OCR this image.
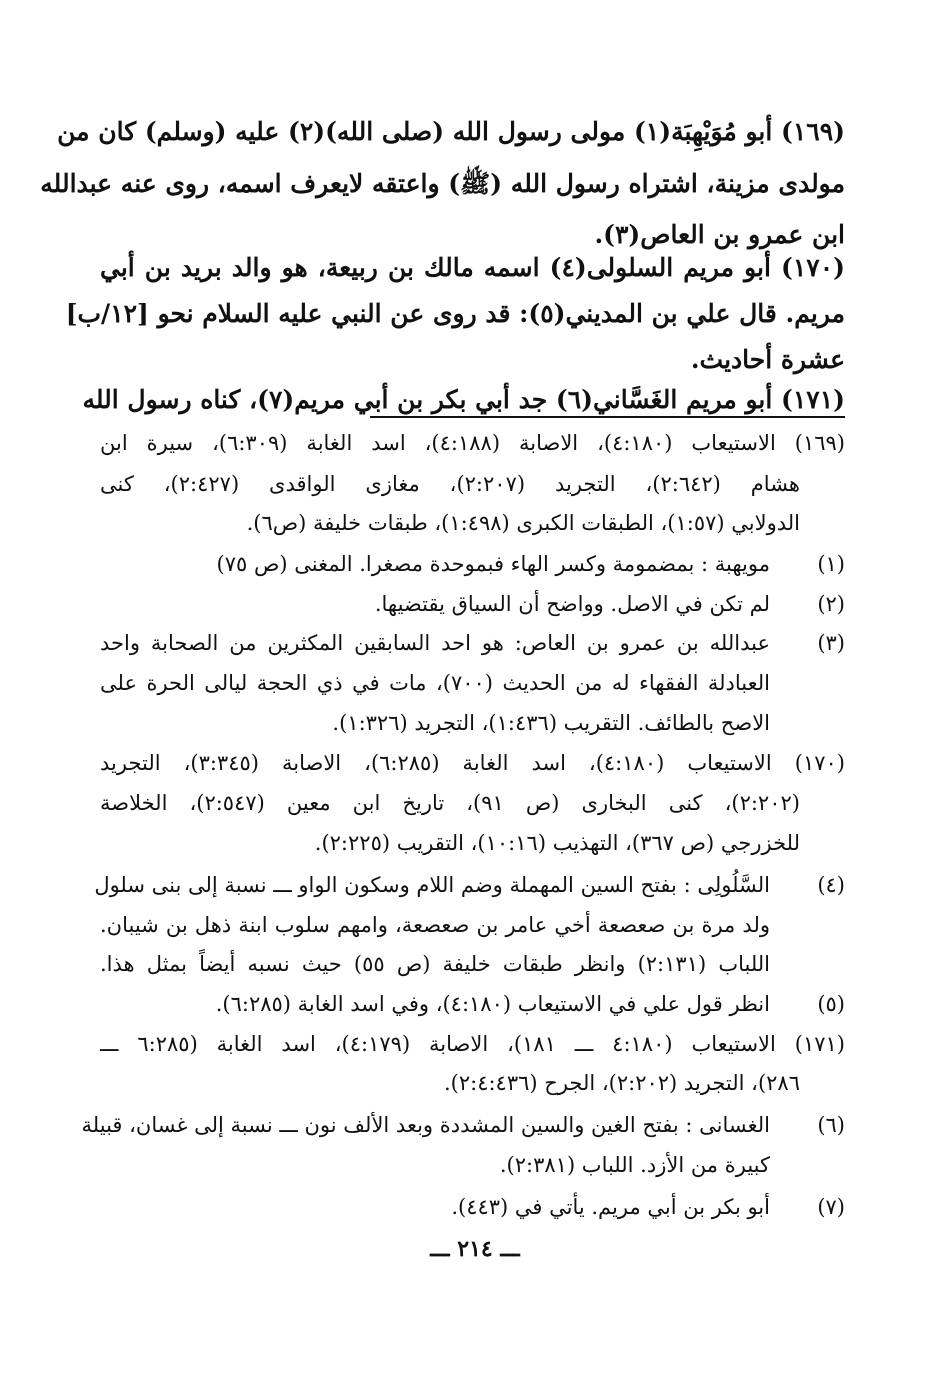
(١٦٩) أبو مُوَيْهِبَة(١) مولى رسول الله (صلى الله)(٢) عليه (وسلم) كان من
مولدى مزينة، اشتراه رسول الله (ﷺ) واعتقه لايعرف اسمه، روى عنه عبدالله
ابن عمرو بن العاص(٣).
(١٧٠) أبو مريم السلولى(٤) اسمه مالك بن ربيعة، هو والد بريد بن أبي
مريم. قال علي بن المديني(٥): قد روى عن النبي عليه السلام نحو [١٢/ب]
عشرة أحاديث.
(١٧١) أبو مريم الغَسَّاني(٦) جد أبي بكر بن أبي مريم(٧)، كناه رسول الله
(١٦٩) الاستيعاب (٤:١٨٠)، الاصابة (٤:١٨٨)، اسد الغابة (٦:٣٠٩)، سيرة ابن
هشام (٢:٦٤٢)، التجريد (٢:٢٠٧)، مغازى الواقدى (٢:٤٢٧)، كنى
الدولابي (١:٥٧)، الطبقات الكبرى (١:٤٩٨)، طبقات خليفة (ص٦).
(١)
مويهبة : بمضمومة وكسر الهاء فبموحدة مصغرا. المغنى (ص ٧٥)
(٢)
لم تكن في الاصل. وواضح أن السياق يقتضيها.
(٣)
عبدالله بن عمرو بن العاص: هو احد السابقين المكثرين من الصحابة واحد
العبادلة الفقهاء له من الحديث (٧٠٠)، مات في ذي الحجة ليالى الحرة على
الاصح بالطائف. التقريب (١:٤٣٦)، التجريد (١:٣٢٦).
(١٧٠) الاستيعاب (٤:١٨٠)، اسد الغابة (٦:٢٨٥)، الاصابة (٣:٣٤٥)، التجريد
(٢:٢٠٢)، كنى البخارى (ص ٩١)، تاريخ ابن معين (٢:٥٤٧)، الخلاصة
للخزرجي (ص ٣٦٧)، التهذيب (١٠:١٦)، التقريب (٢:٢٢٥).
(٤)
السَّلُولِى : بفتح السين المهملة وضم اللام وسكون الواو ـــ نسبة إلى بنى سلول
ولد مرة بن صعصعة أخي عامر بن صعصعة، وامهم سلوب ابنة ذهل بن شيبان.
اللباب (٢:١٣١) وانظر طبقات خليفة (ص ٥٥) حيث نسبه أيضاً بمثل هذا.
(٥)
انظر قول علي في الاستيعاب (٤:١٨٠)، وفي اسد الغابة (٦:٢٨٥).
(١٧١) الاستيعاب (٤:١٨٠ ـــ ١٨١)، الاصابة (٤:١٧٩)، اسد الغابة (٦:٢٨٥ ـــ
٢٨٦)، التجريد (٢:٢٠٢)، الجرح (٢:٤:٤٣٦).
(٦)
الغسانى : بفتح الغين والسين المشددة وبعد الألف نون ـــ نسبة إلى غسان، قبيلة
كبيرة من الأزد. اللباب (٢:٣٨١).
(٧)
أبو بكر بن أبي مريم. يأتي في (٤٤٣).
ـــ ٢١٤ ـــ
